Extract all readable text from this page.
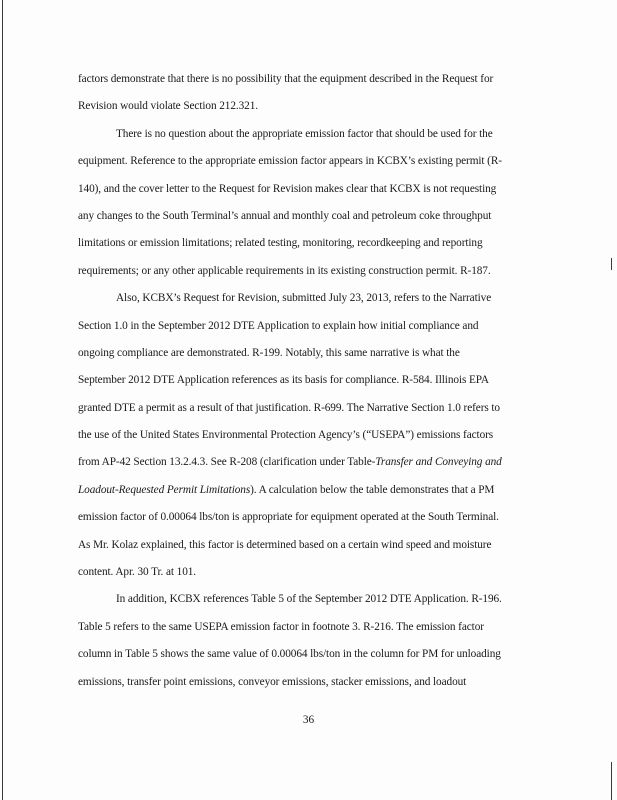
factors demonstrate that there is no possibility that the equipment described in the Request for
Revision would violate Section 212.321.
There is no question about the appropriate emission factor that should be used for the
equipment. Reference to the appropriate emission factor appears in KCBX’s existing permit (R-
140), and the cover letter to the Request for Revision makes clear that KCBX is not requesting
any changes to the South Terminal’s annual and monthly coal and petroleum coke throughput
limitations or emission limitations; related testing, monitoring, recordkeeping and reporting
requirements; or any other applicable requirements in its existing construction permit. R-187.
Also, KCBX’s Request for Revision, submitted July 23, 2013, refers to the Narrative
Section 1.0 in the September 2012 DTE Application to explain how initial compliance and
ongoing compliance are demonstrated. R-199. Notably, this same narrative is what the
September 2012 DTE Application references as its basis for compliance. R-584. Illinois EPA
granted DTE a permit as a result of that justification. R-699. The Narrative Section 1.0 refers to
the use of the United States Environmental Protection Agency’s (“USEPA”) emissions factors
from AP-42 Section 13.2.4.3. See R-208 (clarification under Table-Transfer and Conveying and
Loadout-Requested Permit Limitations). A calculation below the table demonstrates that a PM
emission factor of 0.00064 lbs/ton is appropriate for equipment operated at the South Terminal.
As Mr. Kolaz explained, this factor is determined based on a certain wind speed and moisture
content. Apr. 30 Tr. at 101.
In addition, KCBX references Table 5 of the September 2012 DTE Application. R-196.
Table 5 refers to the same USEPA emission factor in footnote 3. R-216. The emission factor
column in Table 5 shows the same value of 0.00064 lbs/ton in the column for PM for unloading
emissions, transfer point emissions, conveyor emissions, stacker emissions, and loadout
36
